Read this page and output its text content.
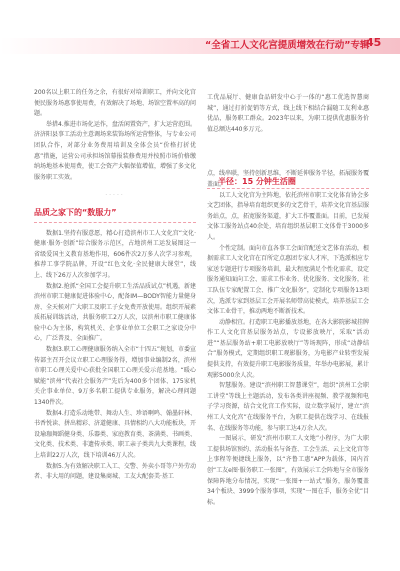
“全省工人文化宫提质增效在行动”专辑
45

200名以上职工的任务之余，有很好对培训职工，并向文化宫便民服务场惠事使用费，有效解决了场地、场馆空置率高的问题。

举措4.推进市场化运作，盘活闲置资产，扩大运营范围。济济阳县事工活动主意调场来装饰场所运营整体，与专业公司团队合作，对部分业务费用培训及全体会员“价格打折优惠”措施，运营公司承担场馆幕报装修费用并按照市场价格缴纳场地基本使用费，使工会资产大幅保值增值，增强了多文化服务职工实效。

·····
品质之家下的“数服力”

数据1.坚持有服意愿，精心打造滨州市工人文化宫“文化·健康·服务·创新”综合服务示范区，占地滨州工运发展图这一省级爱国主义教育基地作用，606件次2万多人次学习参观，推荐工事学院品牌，开设“红色文化·全民健康大课堂”，线上、线下26万人次参加学习。

数据2.抢抓“全国工会提升职工生活品质试点”机遇，新建滨州市职工健康促进体验中心，配备IM—BODY智能力量健身房、全天候对广大职工及职工子女免费开放使用。组织开展素质拓展训练活动，共服务职工2万人次，以滨州市职工健康体验中心为主体，构筑机关、企事业单位工会职工之家设分中心，广泛普及、全面推广。

数据3.职工心理健康服务纳入全市“十四五”规划，市委宣传部主召开会议立职工心理服务得，增加事业编制2名，滨州市职工心理关爱中心获批全国职工心理关爱示范基地。“暖心赋能”滨州“代表社会服务产”先后为400多个团体、175家机关企事业单位、9万多名职工提供专业服务，解决心理问题1340件次。

数据4.打造乐动地带、舞动人生、珍语啊鸣、翰墨轩林、书香悦读、拼出精彩、济道健康、具情相约八大功能板块，开设瑜珈舞蹈健身类、乐器类、家庭教育类、茶满类、书画类、文化类、技术类、非遗传承类、职工亲子类共九大类课程，线上培训22万人次，线下培训46万人次。

数据5.为有效解决职工入工、交警、外卖小哥等户外劳动者、非大用的问题，建设集商城、工友大配套美·基工

工优品展厅、健康食品研发中心于一体的“惠工优选智慧商城”，通过打折促销等方式，线上线下相结合漏随工友利业惠优品，服务职工群众。2023年以来，为职工提供优惠服务价值总额达440多万元。

点，线串联，坚持创新思维，不断延伸服务半径，拓展服务覆盖面。

以工人文化宫为主阵地，依托滨州市职工文化体育协会多文艺团体，指导培育组织更多的文艺骨干，培养文化宫基层服务站点，点，拓宽服务渠道，扩大工作覆盖面。目前，已发展文体工服务站点40余处，培育组织基层职工文体骨干3000多人。

个性定制。面向市直各事工会面宫配送文艺体育活动，根据需求工人文化宫在百所定点惠团专家人才库，下选派相应专家送专题进行专项服务培训，最大程度满足个性化需求，设定服务通知面向工会、需求工作业务、优化服务、文化服务，社工队伍专家配置工会、推广文化服务”，定制化专项服务13项次，选派专家到基层工会开展名师带高徒模式，培养基层工会文体工业骨干，推动两地不断新技术。

动静相宜。打造职工电影播放基地，在各大影院影城挂牌作工人文化宫基层服务站点，专设影放映厅，采取“活动进”“基层服务站+职工电影放映厅”等场现阵，形成“动静结合”服务模式，定期组织职工观影服务，为电影产业转型发展提供支持，有效提升职工电影服务质量，年举办电影展，累计观影5000余人次。

智慧服务。建设“滨州职工智慧课堂”，组织“滨州工会职工讲堂”等线上主题活动，发布各类讲座视频、教学视频和电子学习资源，结合文化宫工作实际，设立数字展厅，建立“滨州工人文化宫”在线服务平台，为职工提供在线学习、在线报名、在线服务等功能，参与职工达4万余人次。

一图展示，研发“滨州市职工人文地”小程序，为广大职工提供场馆预约、活动报名与备查、工会生活、云上文化宫等上事程等便捷线上服务，以“齐鲁工惠”APP为载体，国内首创“工友e图·服务职工一张图”，有效展示工会阵地与全市服务保障阵地分布情况，实现“一张图+一站式”服务，服务覆盖34个板块、3999个服务事项，实现“一图在手，服务全优”目标。

半径：15 分钟生活圈
